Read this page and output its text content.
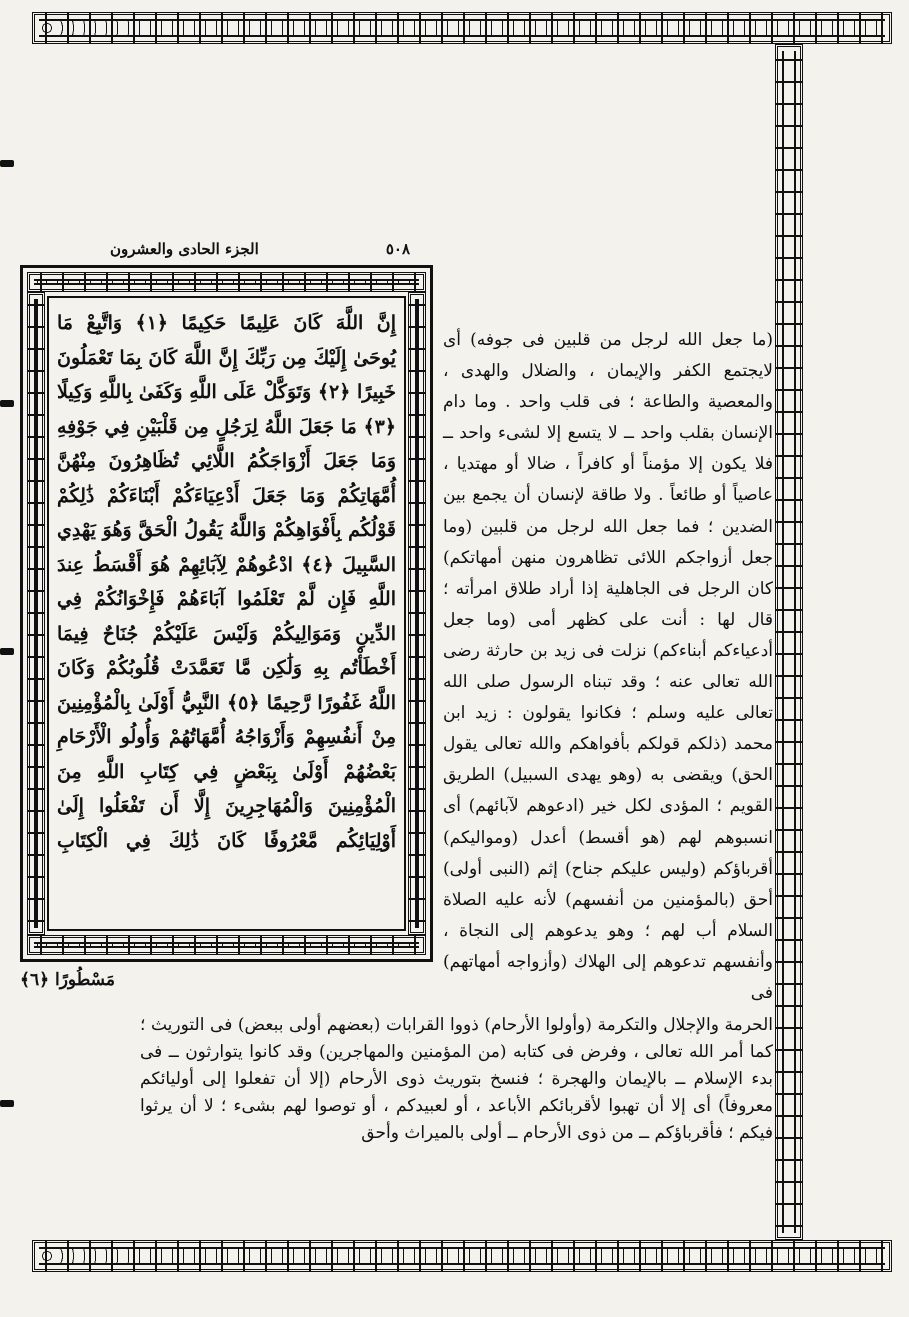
٥٠٨
الجزء الحادى والعشرون
إِنَّ اللَّهَ كَانَ عَلِيمًا حَكِيمًا ﴿١﴾ وَاتَّبِعْ مَا يُوحَىٰ إِلَيْكَ مِن رَبِّكَ إِنَّ اللَّهَ كَانَ بِمَا تَعْمَلُونَ خَبِيرًا ﴿٢﴾ وَتَوَكَّلْ عَلَى اللَّهِ وَكَفَىٰ بِاللَّهِ وَكِيلًا ﴿٣﴾ مَا جَعَلَ اللَّهُ لِرَجُلٍ مِن قَلْبَيْنِ فِي جَوْفِهِ وَمَا جَعَلَ أَزْوَاجَكُمُ اللَّائِي تُظَاهِرُونَ مِنْهُنَّ أُمَّهَاتِكُمْ وَمَا جَعَلَ أَدْعِيَاءَكُمْ أَبْنَاءَكُمْ ذَٰلِكُمْ قَوْلُكُم بِأَفْوَاهِكُمْ وَاللَّهُ يَقُولُ الْحَقَّ وَهُوَ يَهْدِي السَّبِيلَ ﴿٤﴾ ادْعُوهُمْ لِآبَائِهِمْ هُوَ أَقْسَطُ عِندَ اللَّهِ فَإِن لَّمْ تَعْلَمُوا آبَاءَهُمْ فَإِخْوَانُكُمْ فِي الدِّينِ وَمَوَالِيكُمْ وَلَيْسَ عَلَيْكُمْ جُنَاحٌ فِيمَا أَخْطَأْتُم بِهِ وَلَٰكِن مَّا تَعَمَّدَتْ قُلُوبُكُمْ وَكَانَ اللَّهُ غَفُورًا رَّحِيمًا ﴿٥﴾ النَّبِيُّ أَوْلَىٰ بِالْمُؤْمِنِينَ مِنْ أَنفُسِهِمْ وَأَزْوَاجُهُ أُمَّهَاتُهُمْ وَأُولُو الْأَرْحَامِ بَعْضُهُمْ أَوْلَىٰ بِبَعْضٍ فِي كِتَابِ اللَّهِ مِنَ الْمُؤْمِنِينَ وَالْمُهَاجِرِينَ إِلَّا أَن تَفْعَلُوا إِلَىٰ أَوْلِيَائِكُم مَّعْرُوفًا كَانَ ذَٰلِكَ فِي الْكِتَابِ
مَسْطُورًا ﴿٦﴾
(ما جعل الله لرجل من قلبين فى جوفه) أى لايجتمع الكفر والإيمان ، والضلال والهدى ، والمعصية والطاعة ؛ فى قلب واحد . وما دام الإنسان بقلب واحد ــ لا يتسع إلا لشىء واحد ــ فلا يكون إلا مؤمناً أو كافراً ، ضالا أو مهتديا ، عاصياً أو طائعاً . ولا طاقة لإنسان أن يجمع بين الضدين ؛ فما جعل الله لرجل من قلبين (وما جعل أزواجكم اللائى تظاهرون منهن أمهاتكم) كان الرجل فى الجاهلية إذا أراد طلاق امرأته ؛ قال لها : أنت على كظهر أمى (وما جعل أدعياءكم أبناءكم) نزلت فى زيد بن حارثة رضى الله تعالى عنه ؛ وقد تبناه الرسول صلى الله تعالى عليه وسلم ؛ فكانوا يقولون : زيد ابن محمد (ذلكم قولكم بأفواهكم والله تعالى يقول الحق) ويقضى به (وهو يهدى السبيل) الطريق القويم ؛ المؤدى لكل خير (ادعوهم لآبائهم) أى انسبوهم لهم (هو أقسط) أعدل (ومواليكم) أقرباؤكم (وليس عليكم جناح) إثم (النبى أولى) أحق (بالمؤمنين من أنفسهم) لأنه عليه الصلاة السلام أب لهم ؛ وهو يدعوهم إلى النجاة ، وأنفسهم تدعوهم إلى الهلاك (وأزواجه أمهاتهم) فى
الحرمة والإجلال والتكرمة (وأولوا الأرحام) ذووا القرابات (بعضهم أولى ببعض) فى التوريث ؛ كما أمر الله تعالى ، وفرض فى كتابه (من المؤمنين والمهاجرين) وقد كانوا يتوارثون ــ فى بدء الإسلام ــ بالإيمان والهجرة ؛ فنسخ بتوريث ذوى الأرحام (إلا أن تفعلوا إلى أوليائكم معروفاً) أى إلا أن تهبوا لأقربائكم الأباعد ، أو لعبيدكم ، أو توصوا لهم بشىء ؛ لا أن يرثوا فيكم ؛ فأقرباؤكم ــ من ذوى الأرحام ــ أولى بالميراث وأحق
